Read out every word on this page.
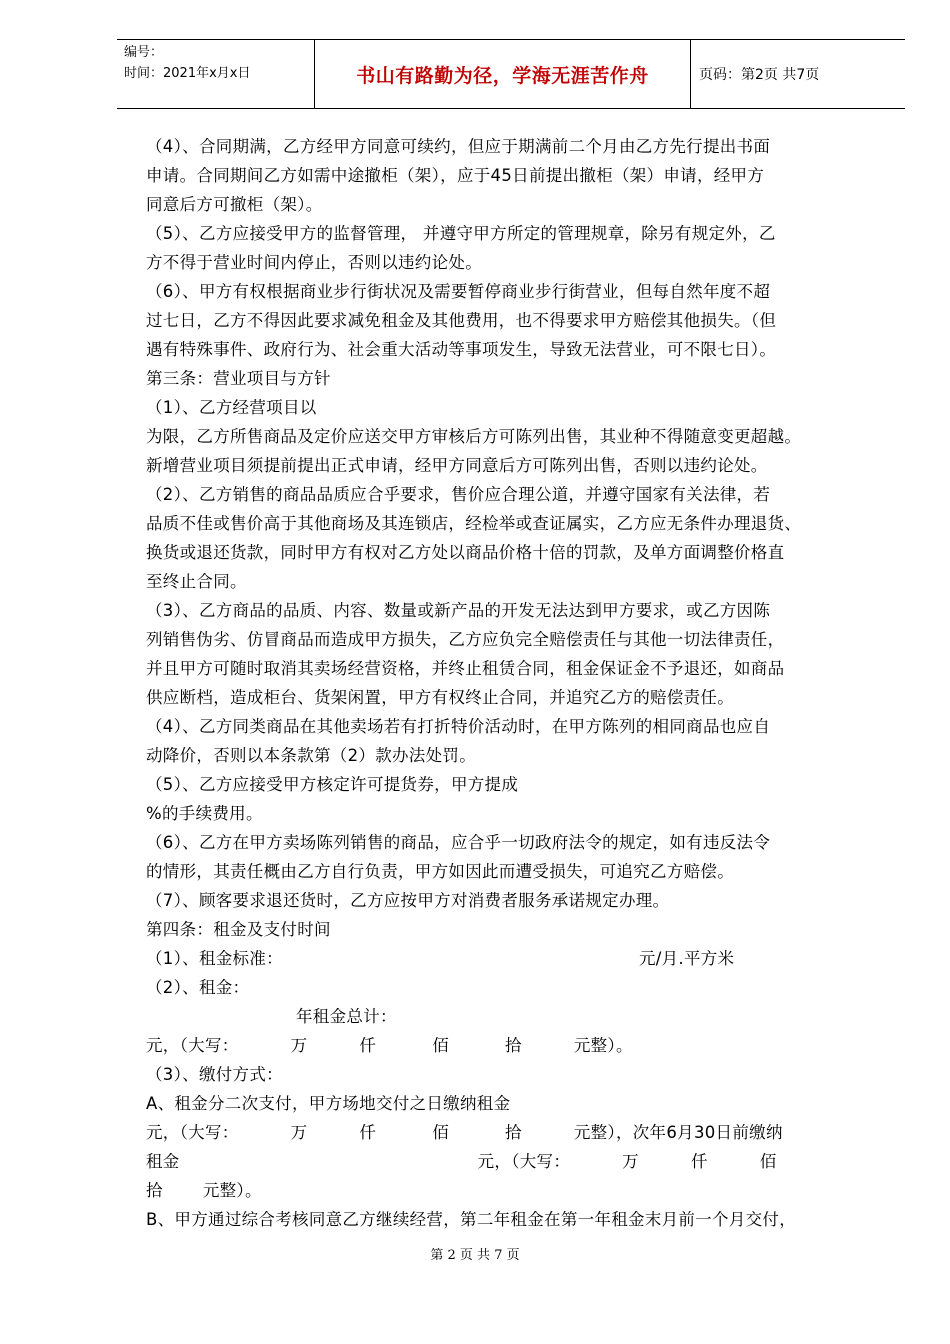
编号：
时间：2021年x月x日	书山有路勤为径，学海无涯苦作舟	页码：第2页 共7页

（4）、合同期满，乙方经甲方同意可续约，但应于期满前二个月由乙方先行提出书面

申请。合同期间乙方如需中途撤柜（架），应于45日前提出撤柜（架）申请，经甲方

同意后方可撤柜（架）。

（5）、乙方应接受甲方的监督管理， 并遵守甲方所定的管理规章，除另有规定外，乙

方不得于营业时间内停止，否则以违约论处。

（6）、甲方有权根据商业步行街状况及需要暂停商业步行街营业，但每自然年度不超

过七日，乙方不得因此要求减免租金及其他费用，也不得要求甲方赔偿其他损失。（但

遇有特殊事件、政府行为、社会重大活动等事项发生，导致无法营业，可不限七日）。

第三条：营业项目与方针

（1）、乙方经营项目以

为限，乙方所售商品及定价应送交甲方审核后方可陈列出售，其业种不得随意变更超越。

新增营业项目须提前提出正式申请，经甲方同意后方可陈列出售，否则以违约论处。

（2）、乙方销售的商品品质应合乎要求，售价应合理公道，并遵守国家有关法律，若

品质不佳或售价高于其他商场及其连锁店，经检举或查证属实，乙方应无条件办理退货、

换货或退还货款，同时甲方有权对乙方处以商品价格十倍的罚款，及单方面调整价格直

至终止合同。

（3）、乙方商品的品质、内容、数量或新产品的开发无法达到甲方要求，或乙方因陈

列销售伪劣、仿冒商品而造成甲方损失，乙方应负完全赔偿责任与其他一切法律责任，

并且甲方可随时取消其卖场经营资格，并终止租赁合同，租金保证金不予退还，如商品

供应断档，造成柜台、货架闲置，甲方有权终止合同，并追究乙方的赔偿责任。

（4）、乙方同类商品在其他卖场若有打折特价活动时，在甲方陈列的相同商品也应自

动降价，否则以本条款第（2）款办法处罚。

（5）、乙方应接受甲方核定许可提货券，甲方提成

%的手续费用。

（6）、乙方在甲方卖场陈列销售的商品，应合乎一切政府法令的规定，如有违反法令

的情形，其责任概由乙方自行负责，甲方如因此而遭受损失，可追究乙方赔偿。

（7）、顾客要求退还货时，乙方应按甲方对消费者服务承诺规定办理。

第四条：租金及支付时间

（1）、租金标准：	元/月.平方米

（2）、租金：

年租金总计：

元，（大写：	万	仟	佰	拾	元整）。

（3）、缴付方式：

A、租金分二次支付，甲方场地交付之日缴纳租金

元，（大写：	万	仟	佰	拾	元整），次年6月30日前缴纳

租金	元，（大写：	万	仟	佰

拾 元整）。

B、甲方通过综合考核同意乙方继续经营，第二年租金在第一年租金末月前一个月交付，

第 2 页 共 7 页
